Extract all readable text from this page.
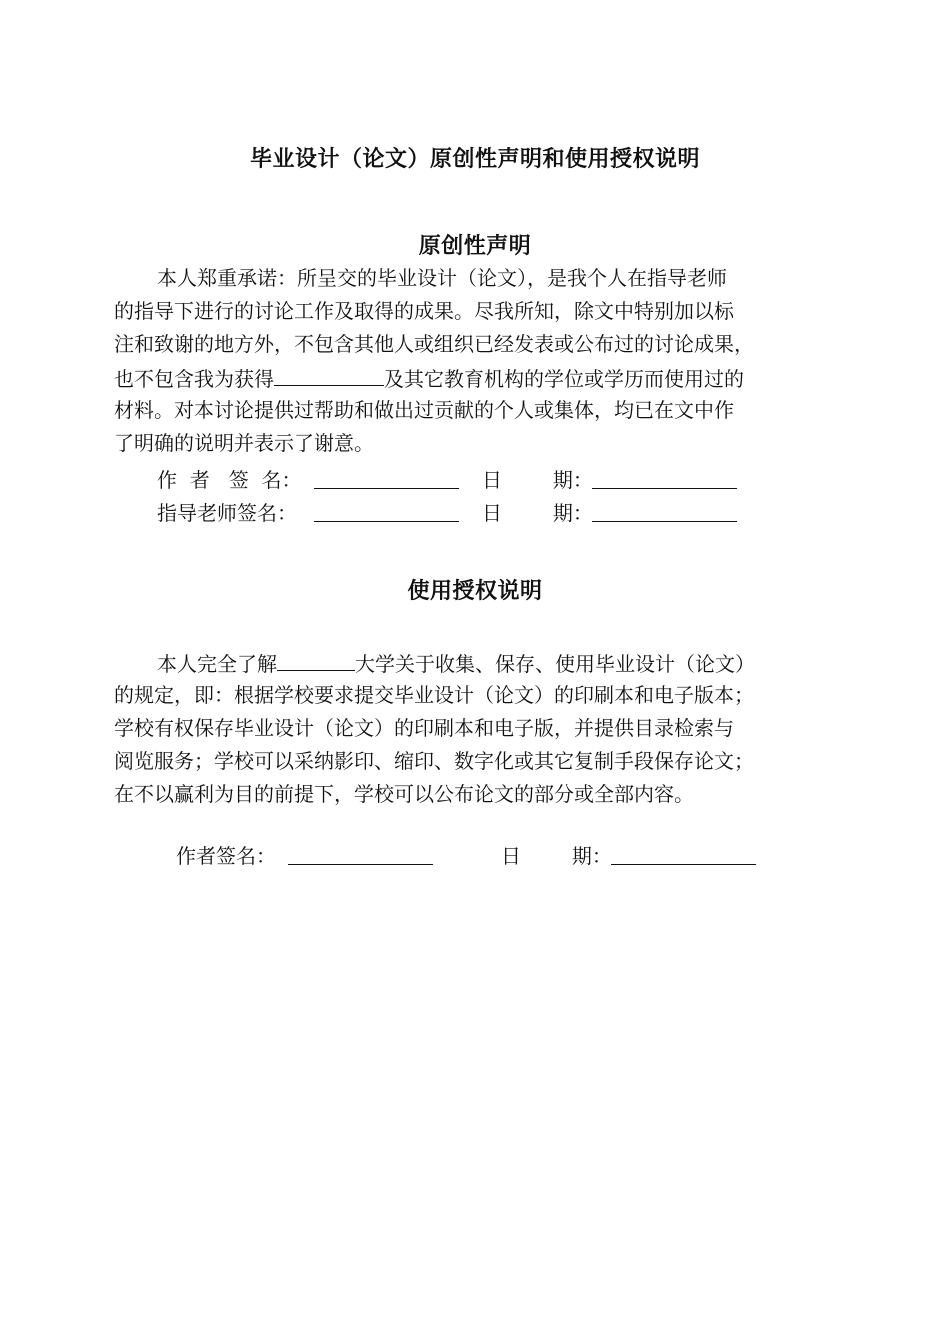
毕业设计（论文）原创性声明和使用授权说明
原创性声明
本人郑重承诺：所呈交的毕业设计（论文），是我个人在指导老师
的指导下进行的讨论工作及取得的成果。尽我所知，除文中特别加以标
注和致谢的地方外，不包含其他人或组织已经发表或公布过的讨论成果，
也不包含我为获得	及其它教育机构的学位或学历而使用过的
材料。对本讨论提供过帮助和做出过贡献的个人或集体，均已在文中作
了明确的说明并表示了谢意。
作  者   签  名：	日        期：
指导老师签名：	日        期：
使用授权说明
本人完全了解	大学关于收集、保存、使用毕业设计（论文）
的规定，即：根据学校要求提交毕业设计（论文）的印刷本和电子版本；
学校有权保存毕业设计（论文）的印刷本和电子版，并提供目录检索与
阅览服务；学校可以采纳影印、缩印、数字化或其它复制手段保存论文；
在不以赢利为目的前提下，学校可以公布论文的部分或全部内容。
作者签名：	日        期：
